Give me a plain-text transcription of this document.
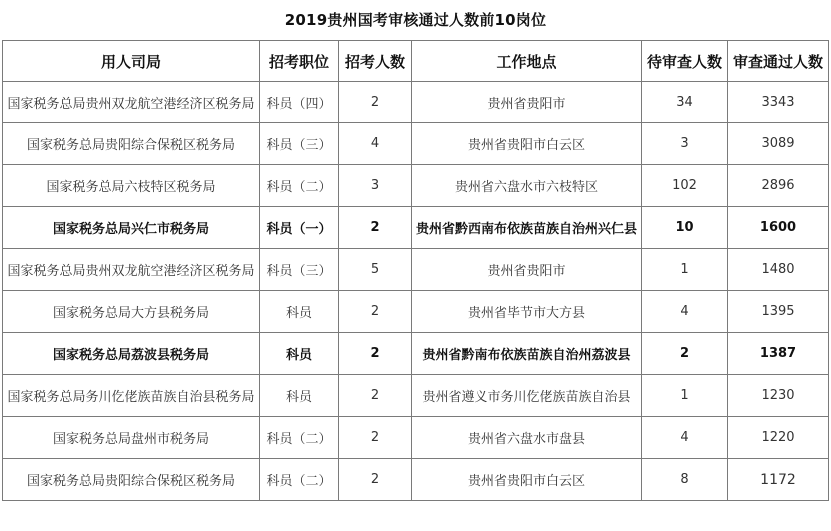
2019贵州国考审核通过人数前10岗位
用人司局	招考职位	招考人数	工作地点	待审查人数	审查通过人数
国家税务总局贵州双龙航空港经济区税务局	科员（四）	2	贵州省贵阳市	34	3343
国家税务总局贵阳综合保税区税务局	科员（三）	4	贵州省贵阳市白云区	3	3089
国家税务总局六枝特区税务局	科员（二）	3	贵州省六盘水市六枝特区	102	2896
国家税务总局兴仁市税务局	科员（一）	2	贵州省黔西南布依族苗族自治州兴仁县	10	1600
国家税务总局贵州双龙航空港经济区税务局	科员（三）	5	贵州省贵阳市	1	1480
国家税务总局大方县税务局	科员	2	贵州省毕节市大方县	4	1395
国家税务总局荔波县税务局	科员	2	贵州省黔南布依族苗族自治州荔波县	2	1387
国家税务总局务川仡佬族苗族自治县税务局	科员	2	贵州省遵义市务川仡佬族苗族自治县	1	1230
国家税务总局盘州市税务局	科员（二）	2	贵州省六盘水市盘县	4	1220
国家税务总局贵阳综合保税区税务局	科员（二）	2	贵州省贵阳市白云区	8	1172
